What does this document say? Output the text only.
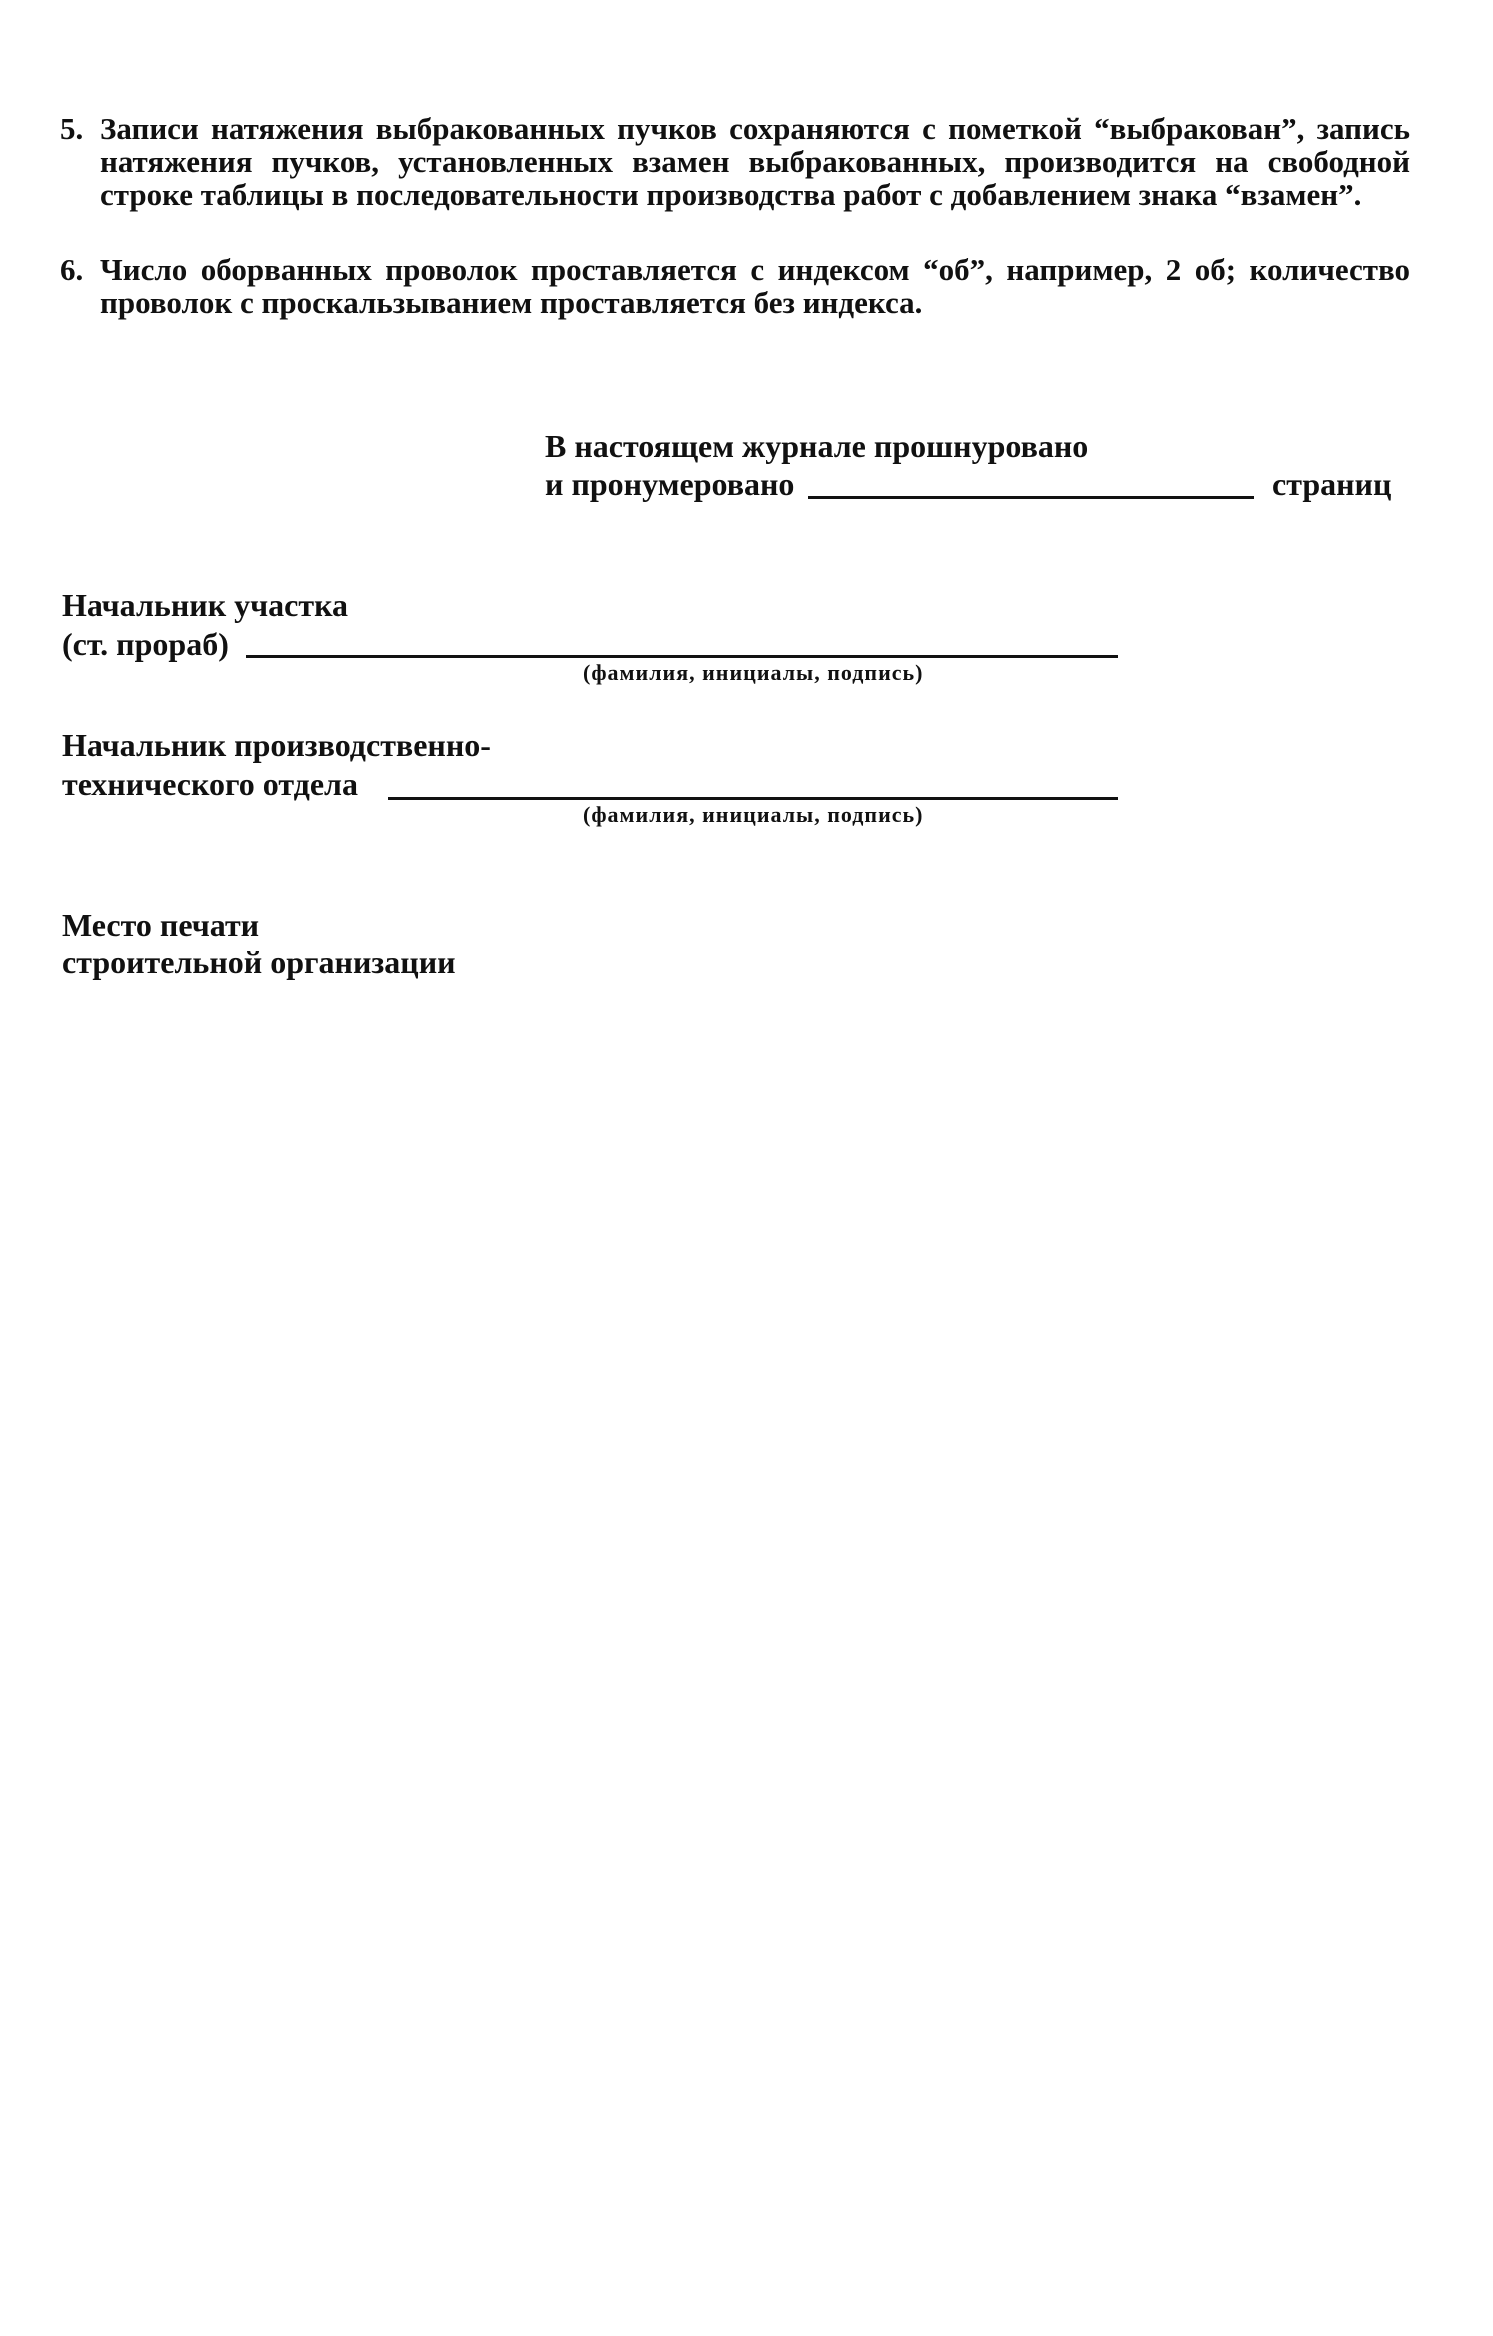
5. Записи натяжения выбракованных пучков сохраняются с пометкой “выбракован”, запись натяжения пучков, установленных взамен выбракованных, производится на свободной строке таблицы в последовательности производства работ с добавлением знака “взамен”.
6. Число оборванных проволок проставляется с индексом “об”, например, 2 об; количество проволок с проскальзыванием проставляется без индекса.
В настоящем журнале прошнуровано
и пронумеровано	страниц
Начальник участка
(ст. прораб)
(фамилия, инициалы, подпись)
Начальник производственно-
технического отдела
(фамилия, инициалы, подпись)
Место печати
строительной организации
